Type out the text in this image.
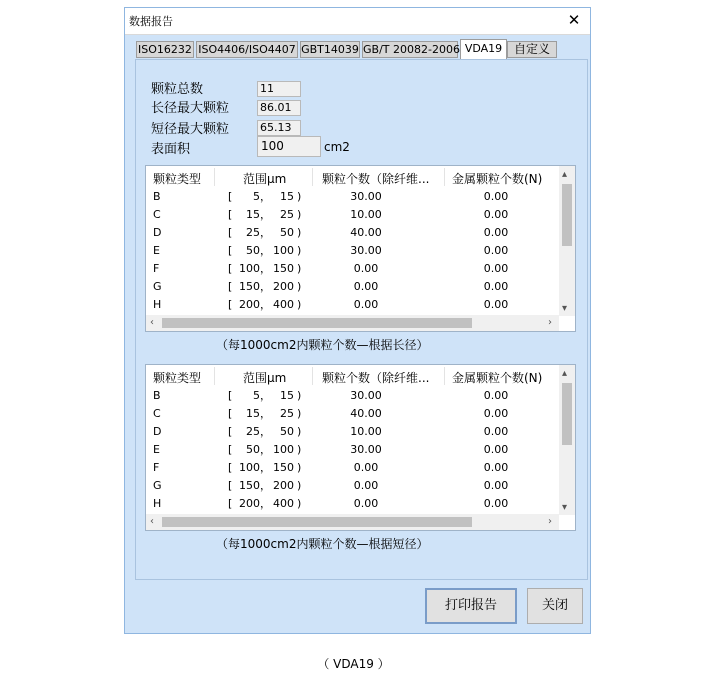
数据报告	✕
ISO16232 ISO4406/ISO4407 GBT14039 GB/T 20082-2006 VDA19 自定义
颗粒总数	11
长径最大颗粒	86.01
短径最大颗粒	65.13
表面积	100	cm2
颗粒类型	范围μm	颗粒个数（除纤维... 金属颗粒个数(N)
B	[	5 ， 15 )	30.00	0.00
C	[	15 ， 25 )	10.00	0.00
D	[	25 ， 50 )	40.00	0.00
E	[	50 ， 100 )	30.00	0.00
F	[ 100 ， 150 )	0.00	0.00
G	[ 150 ， 200 )	0.00	0.00
H	[ 200 ， 400 )	0.00	0.00
▴
▾
‹	›
（每1000cm2内颗粒个数—根据长径）
颗粒类型	范围μm	颗粒个数（除纤维... 金属颗粒个数(N)
B	[	5 ， 15 )	30.00	0.00
C	[	15 ， 25 )	40.00	0.00
D	[	25 ， 50 )	10.00	0.00
E	[	50 ， 100 )	30.00	0.00
F	[ 100 ， 150 )	0.00	0.00
G	[ 150 ， 200 )	0.00	0.00
H	[ 200 ， 400 )	0.00	0.00
▴
▾
‹	›
（每1000cm2内颗粒个数—根据短径）
打印报告	关闭
（ VDA19 ）
